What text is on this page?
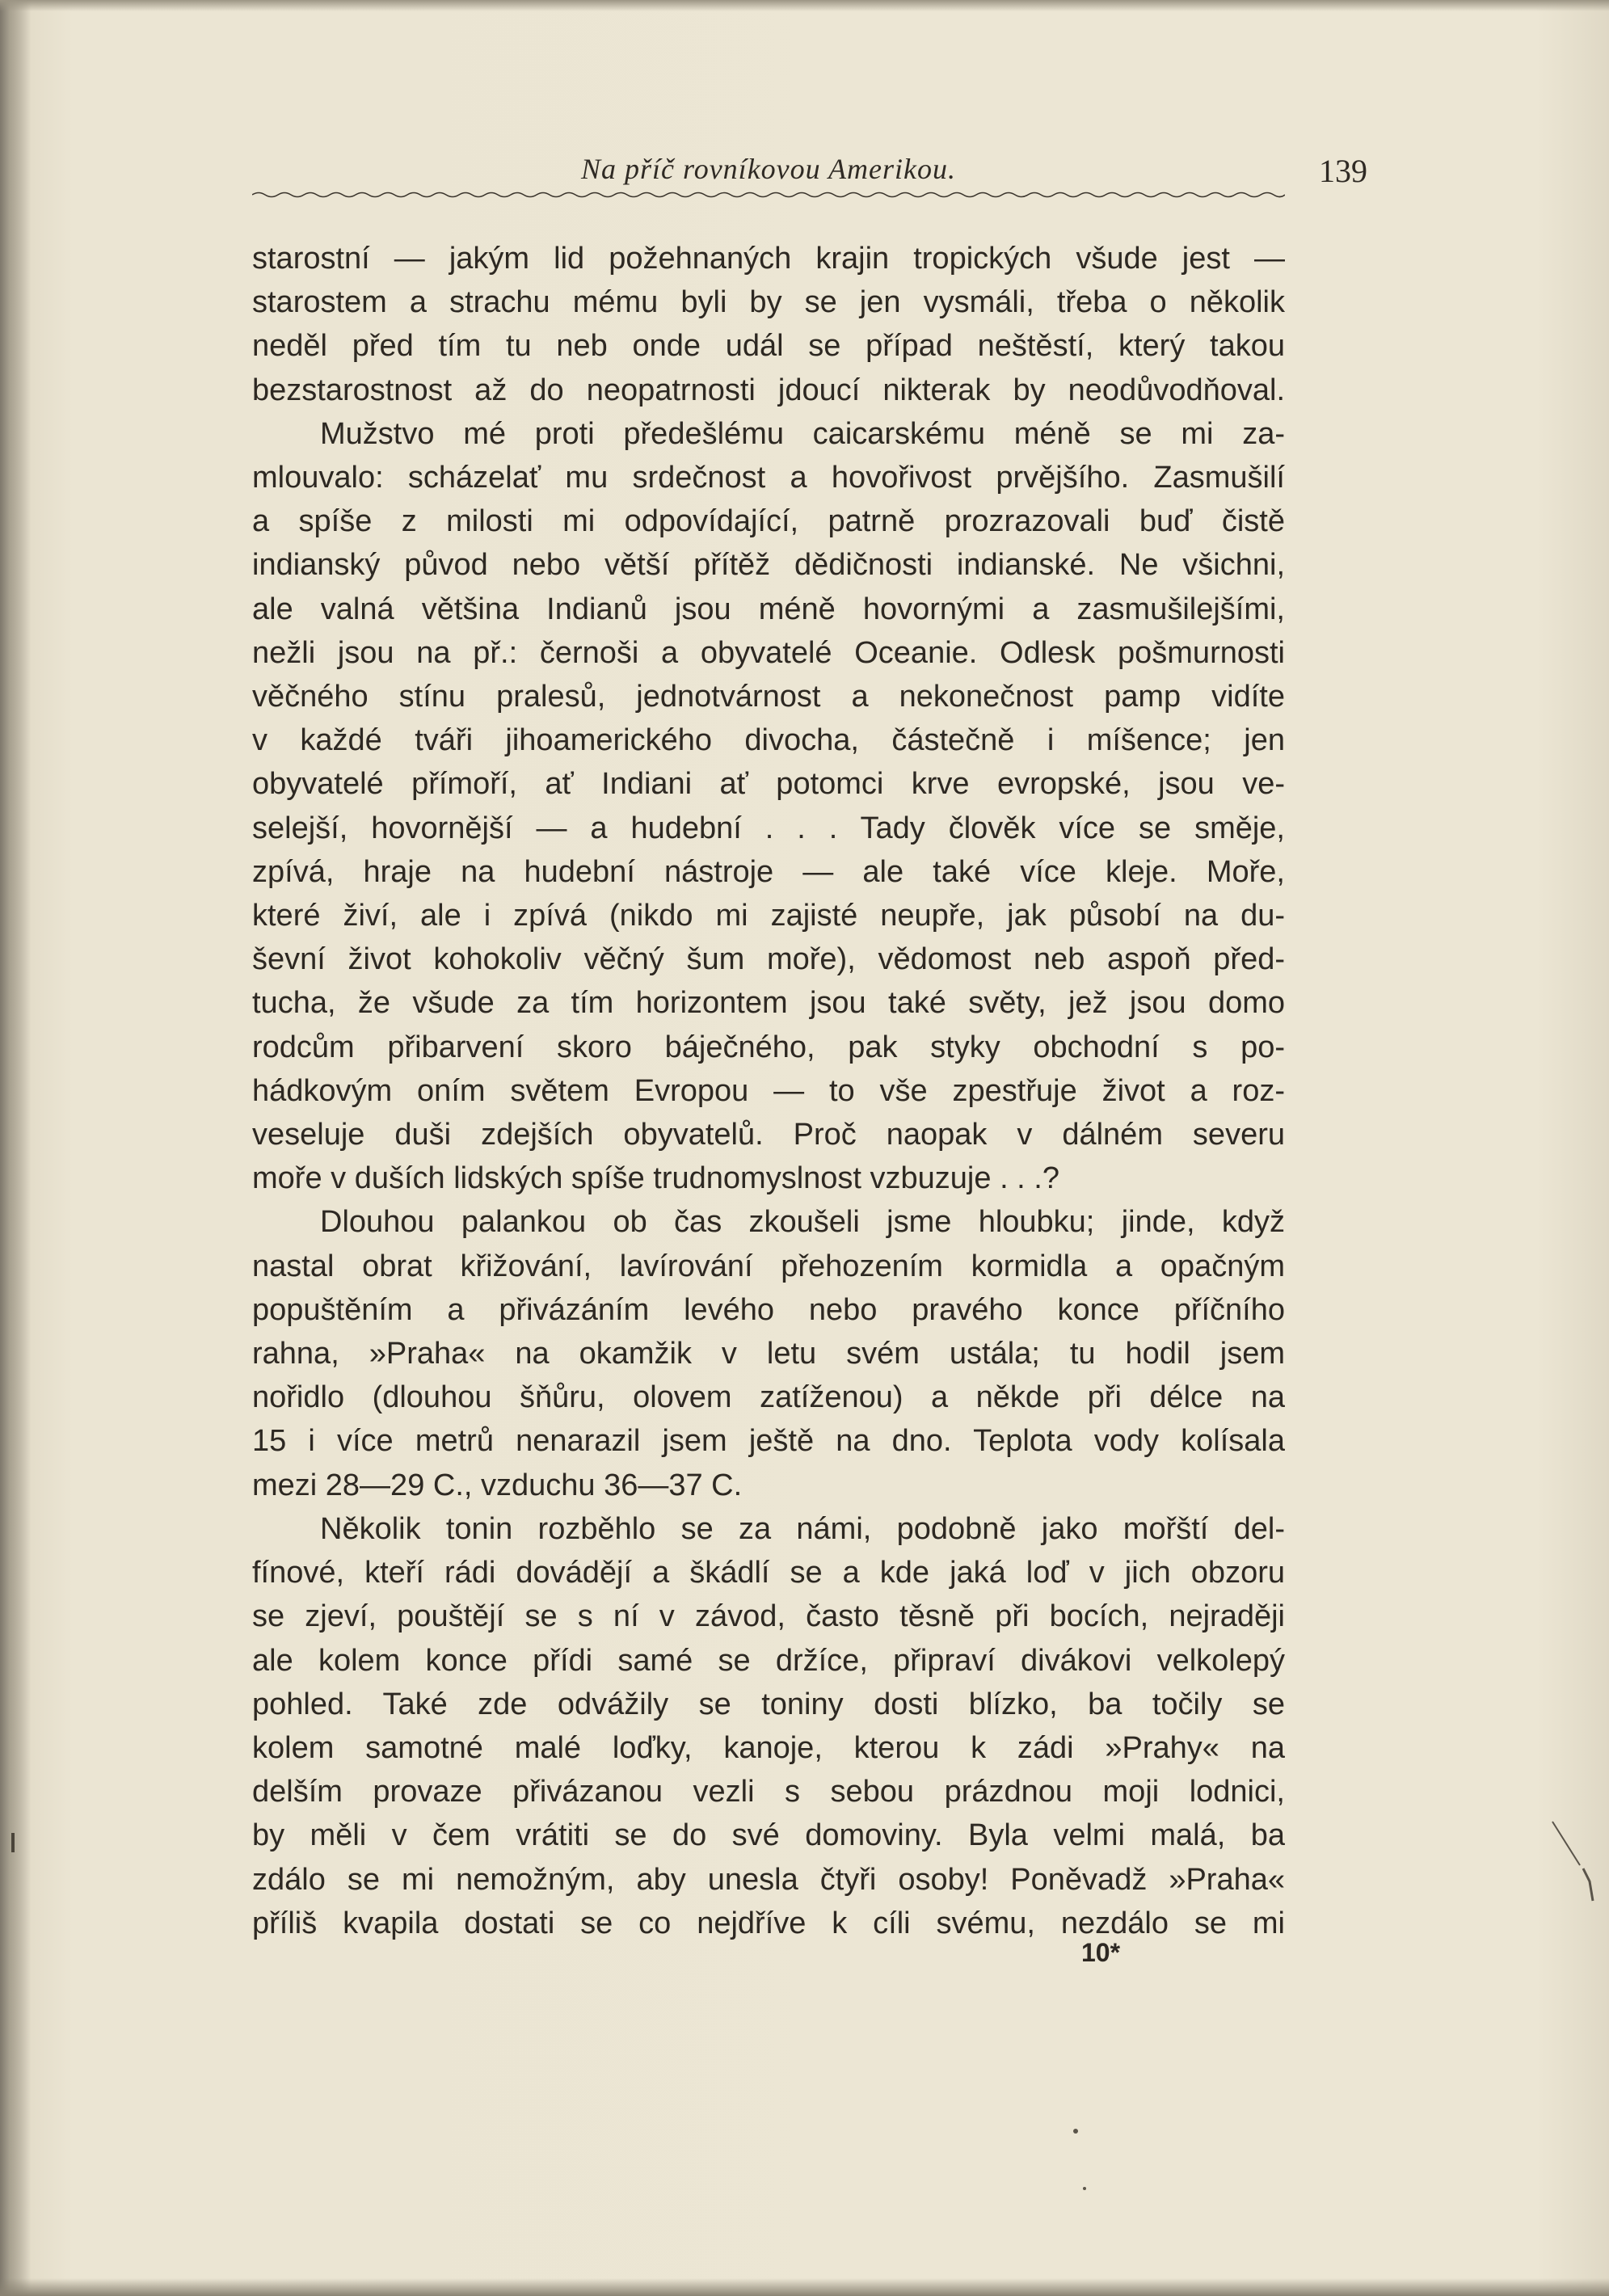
Na příč rovníkovou Amerikou.	139

starostní — jakým lid požehnaných krajin tropických všude jest —

starostem a strachu mému byli by se jen vysmáli, třeba o několik

neděl před tím tu neb onde udál se případ neštěstí, který takou

bezstarostnost až do neopatrnosti jdoucí nikterak by neodůvodňoval.

Mužstvo mé proti předešlému caicarskému méně se mi za-

mlouvalo: scházelať mu srdečnost a hovořivost prvějšího. Zasmušilí

a spíše z milosti mi odpovídající, patrně prozrazovali buď čistě

indianský původ nebo větší přítěž dědičnosti indianské. Ne všichni,

ale valná většina Indianů jsou méně hovornými a zasmušilejšími,

nežli jsou na př.: černoši a obyvatelé Oceanie. Odlesk pošmurnosti

věčného stínu pralesů, jednotvárnost a nekonečnost pamp vidíte

v každé tváři jihoamerického divocha, částečně i míšence; jen

obyvatelé přímoří, ať Indiani ať potomci krve evropské, jsou ve-

selejší, hovornější — a hudební . . . Tady člověk více se směje,

zpívá, hraje na hudební nástroje — ale také více kleje. Moře,

které živí, ale i zpívá (nikdo mi zajisté neupře, jak působí na du-

ševní život kohokoliv věčný šum moře), vědomost neb aspoň před-

tucha, že všude za tím horizontem jsou také světy, jež jsou domo

rodcům přibarvení skoro báječného, pak styky obchodní s po-

hádkovým oním světem Evropou — to vše zpestřuje život a roz-

veseluje duši zdejších obyvatelů. Proč naopak v dálném severu

moře v duších lidských spíše trudnomyslnost vzbuzuje . . .?

Dlouhou palankou ob čas zkoušeli jsme hloubku; jinde, když

nastal obrat křižování, lavírování přehozením kormidla a opačným

popuštěním a přivázáním levého nebo pravého konce příčního

rahna, »Praha« na okamžik v letu svém ustála; tu hodil jsem

nořidlo (dlouhou šňůru, olovem zatíženou) a někde při délce na

15 i více metrů nenarazil jsem ještě na dno. Teplota vody kolísala

mezi 28—29 C., vzduchu 36—37 C.

Několik tonin rozběhlo se za námi, podobně jako mořští del-

fínové, kteří rádi dovádějí a škádlí se a kde jaká loď v jich obzoru

se zjeví, pouštějí se s ní v závod, často těsně při bocích, nejraději

ale kolem konce přídi samé se držíce, připraví divákovi velkolepý

pohled. Také zde odvážily se toniny dosti blízko, ba točily se

kolem samotné malé loďky, kanoje, kterou k zádi »Prahy« na

delším provaze přivázanou vezli s sebou prázdnou moji lodnici,

by měli v čem vrátiti se do své domoviny. Byla velmi malá, ba

zdálo se mi nemožným, aby unesla čtyři osoby! Poněvadž »Praha«

příliš kvapila dostati se co nejdříve k cíli svému, nezdálo se mi

10*
